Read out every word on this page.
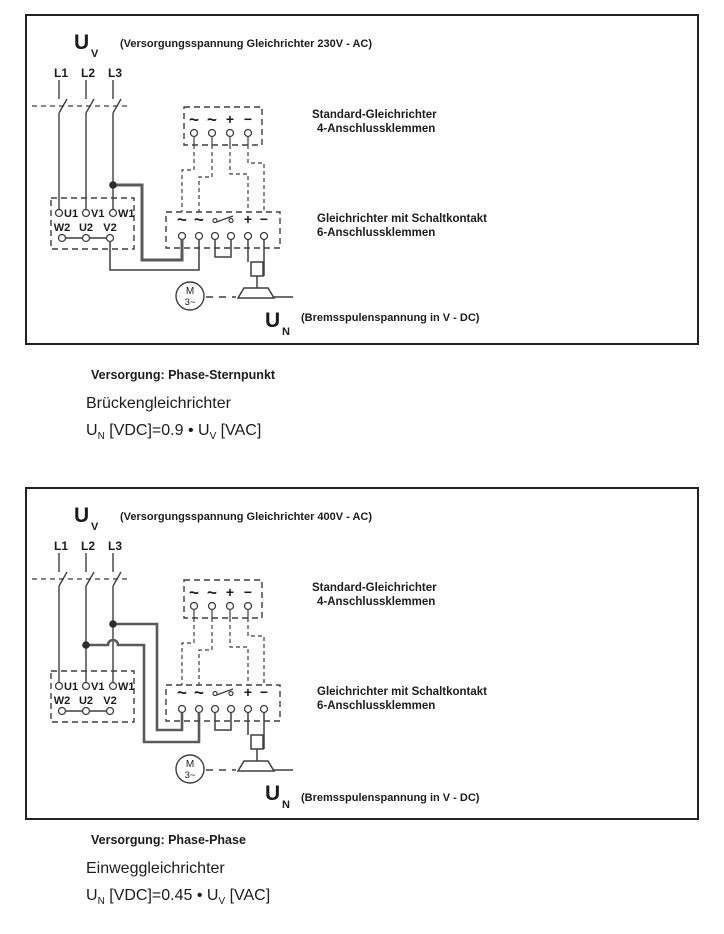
U V
(Versorgungsspannung Gleichrichter 230V - AC)
L1 L2 L3
U1 V1 W1
W2 U2 V2
~ ~ + −	Standard-Gleichrichter
4-Anschlussklemmen
~ ~	+ −	Gleichrichter mit Schaltkontakt
6-Anschlussklemmen
M
3~
U N
(Bremsspulenspannung in V - DC)
Versorgung: Phase-Sternpunkt
Brückengleichrichter
$U_N$ [VDC]=0.9 • $U_V$ [VAC]
U V
(Versorgungsspannung Gleichrichter 400V - AC)
L1 L2 L3
U1 V1 W1
W2 U2 V2
~ ~ + −	Standard-Gleichrichter
4-Anschlussklemmen
~ ~	+ −	Gleichrichter mit Schaltkontakt
6-Anschlussklemmen
M
3~
U N
(Bremsspulenspannung in V - DC)
Versorgung: Phase-Phase
Einweggleichrichter
$U_N$ [VDC]=0.45 • $U_V$ [VAC]
